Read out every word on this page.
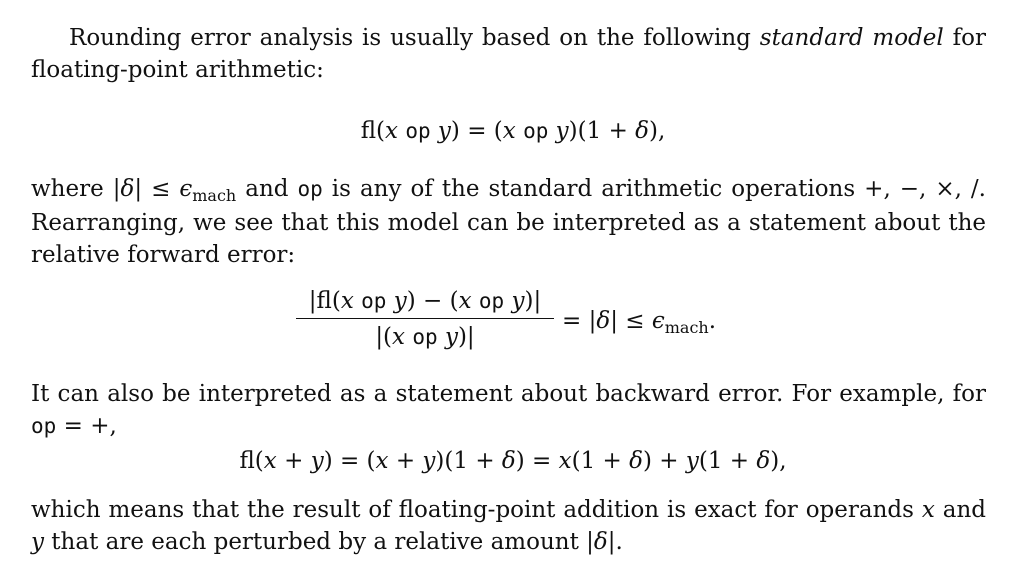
Rounding error analysis is usually based on the following standard model for floating-point arithmetic:

fl(x op y) = (x op y)(1 + δ),

where $|\delta| \le \epsilon_{mach}$ and op is any of the standard arithmetic operations +, −, ×, /. Rearranging, we see that this model can be interpreted as a statement about the relative forward error:

|fl(x op y) − (x op y)|
|(x op y)|
= $|\delta| \le \epsilon_{mach}$.

It can also be interpreted as a statement about backward error. For example, for op = +,

fl(x + y) = (x + y)(1 + δ) = x(1 + δ) + y(1 + δ),

which means that the result of floating-point addition is exact for operands x and y that are each perturbed by a relative amount |δ|.
